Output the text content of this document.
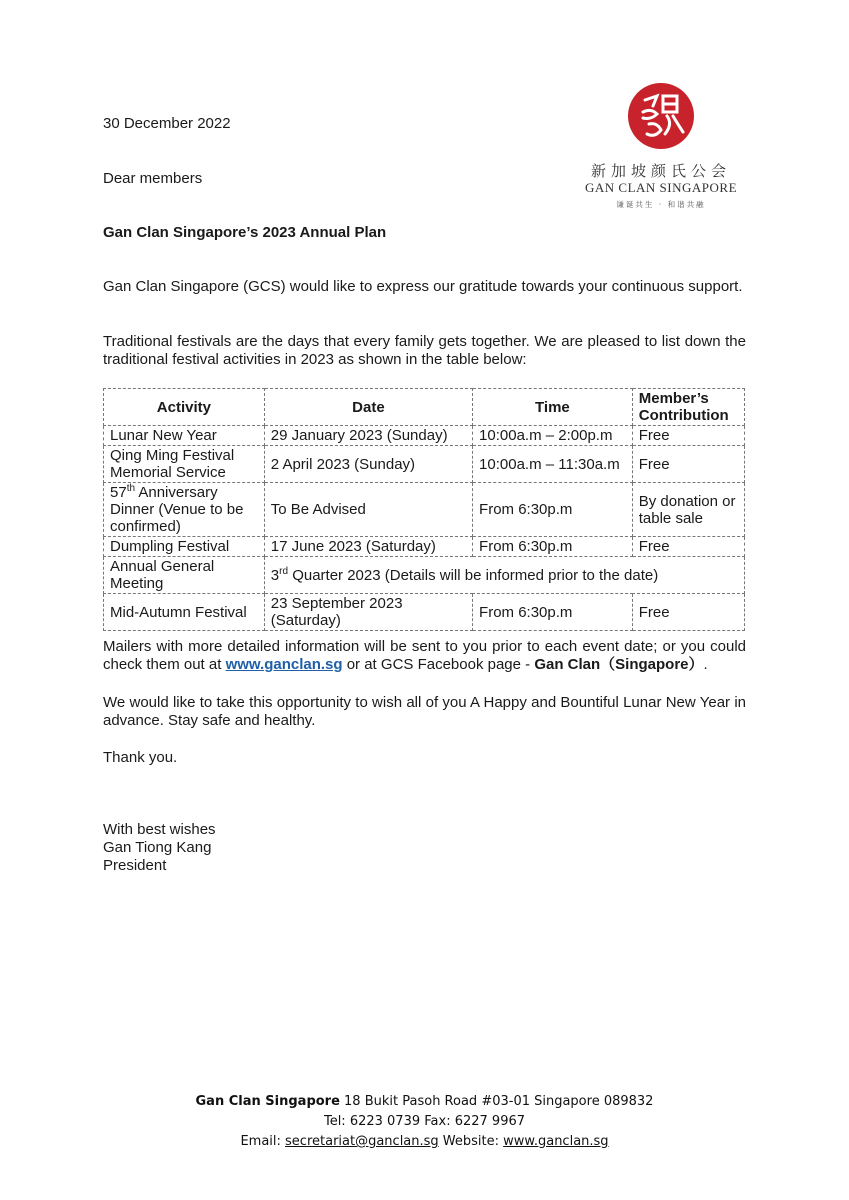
30 December 2022
Dear members
Gan Clan Singapore’s 2023 Annual Plan
新加坡颜氏公会
GAN CLAN SINGAPORE
谦诞共生 · 和谐共融

Gan Clan Singapore (GCS) would like to express our gratitude towards your continuous support.

Traditional festivals are the days that every family gets together. We are pleased to list down the traditional festival activities in 2023 as shown in the table below:

Activity	Date	Time	Member’s Contribution
Lunar New Year	29 January 2023 (Sunday)	10:00a.m – 2:00p.m	Free
Qing Ming Festival Memorial Service	2 April 2023 (Sunday)	10:00a.m – 11:30a.m	Free
57th Anniversary Dinner (Venue to be confirmed)	To Be Advised	From 6:30p.m	By donation or table sale
Dumpling Festival	17 June 2023 (Saturday)	From 6:30p.m	Free
Annual General Meeting	3rd Quarter 2023 (Details will be informed prior to the date)		
Mid-Autumn Festival	23 September 2023 (Saturday)	From 6:30p.m	Free

Mailers with more detailed information will be sent to you prior to each event date; or you could check them out at www.ganclan.sg or at GCS Facebook page - Gan Clan（Singapore）.

We would like to take this opportunity to wish all of you A Happy and Bountiful Lunar New Year in advance. Stay safe and healthy.

Thank you.

With best wishes
Gan Tiong Kang
President
Gan Clan Singapore 18 Bukit Pasoh Road #03-01 Singapore 089832
Tel: 6223 0739 Fax: 6227 9967
Email: secretariat@ganclan.sg Website: www.ganclan.sg
